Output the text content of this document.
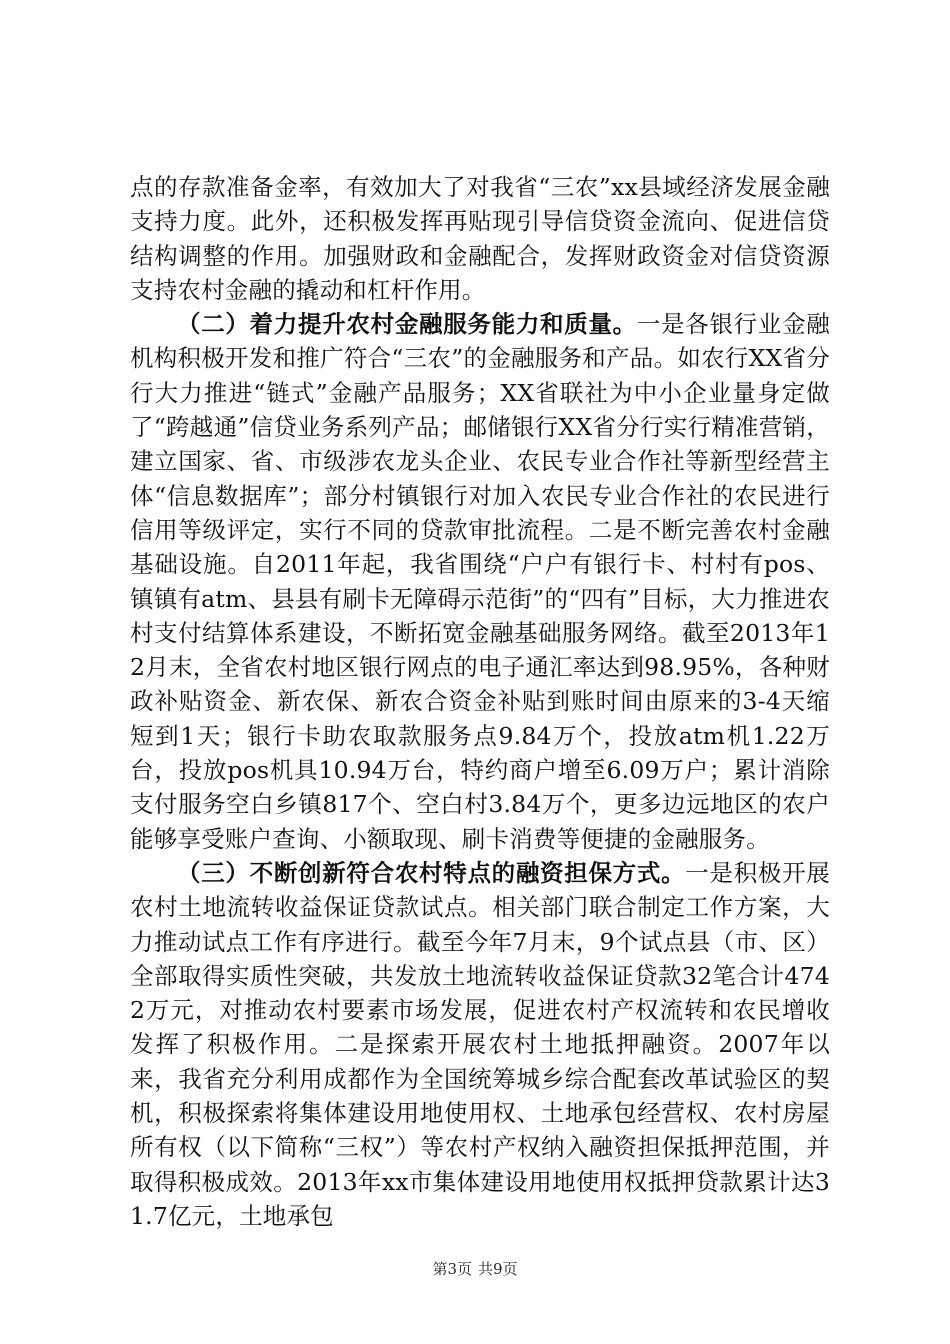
点的存款准备金率，有效加大了对我省“三农”xx县域经济发展金融支持力度。此外，还积极发挥再贴现引导信贷资金流向、促进信贷结构调整的作用。加强财政和金融配合，发挥财政资金对信贷资源支持农村金融的撬动和杠杆作用。

（二）着力提升农村金融服务能力和质量。一是各银行业金融机构积极开发和推广符合“三农”的金融服务和产品。如农行XX省分行大力推进“链式”金融产品服务；XX省联社为中小企业量身定做了“跨越通”信贷业务系列产品；邮储银行XX省分行实行精准营销，建立国家、省、市级涉农龙头企业、农民专业合作社等新型经营主体“信息数据库”；部分村镇银行对加入农民专业合作社的农民进行信用等级评定，实行不同的贷款审批流程。二是不断完善农村金融基础设施。自2011年起，我省围绕“户户有银行卡、村村有pos、镇镇有atm、县县有刷卡无障碍示范街”的“四有”目标，大力推进农村支付结算体系建设，不断拓宽金融基础服务网络。截至2013年12月末，全省农村地区银行网点的电子通汇率达到98.95%，各种财政补贴资金、新农保、新农合资金补贴到账时间由原来的3-4天缩短到1天；银行卡助农取款服务点9.84万个，投放atm机1.22万台，投放pos机具10.94万台，特约商户增至6.09万户；累计消除支付服务空白乡镇817个、空白村3.84万个，更多边远地区的农户能够享受账户查询、小额取现、刷卡消费等便捷的金融服务。

（三）不断创新符合农村特点的融资担保方式。一是积极开展农村土地流转收益保证贷款试点。相关部门联合制定工作方案，大力推动试点工作有序进行。截至今年7月末，9个试点县（市、区）全部取得实质性突破，共发放土地流转收益保证贷款32笔合计4742万元，对推动农村要素市场发展，促进农村产权流转和农民增收发挥了积极作用。二是探索开展农村土地抵押融资。2007年以来，我省充分利用成都作为全国统筹城乡综合配套改革试验区的契机，积极探索将集体建设用地使用权、土地承包经营权、农村房屋所有权（以下简称“三权”）等农村产权纳入融资担保抵押范围，并取得积极成效。2013年xx市集体建设用地使用权抵押贷款累计达31.7亿元，土地承包

第3页 共9页
